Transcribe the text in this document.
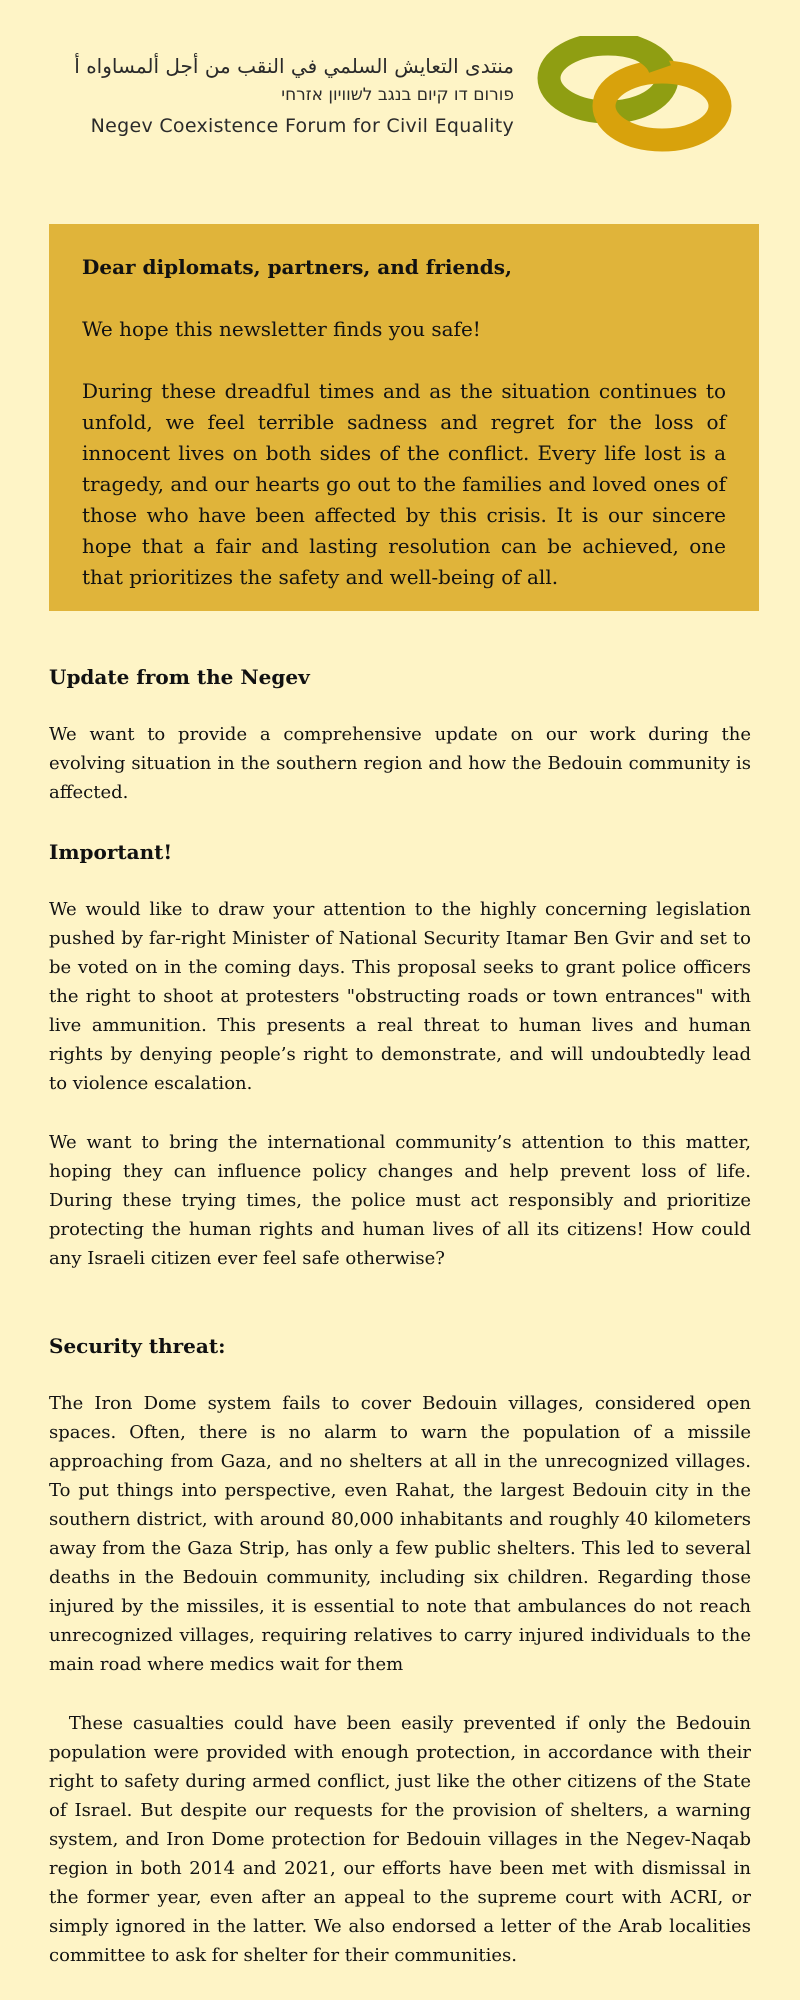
منتدى التعايش السلمي في النقب من أجل ألمساواه أ
פורום דו קיום בנגב לשוויון אזרחי
Negev Coexistence Forum for Civil Equality

Dear diplomats, partners, and friends,

We hope this newsletter finds you safe!

During these dreadful times and as the situation continues to unfold, we feel terrible sadness and regret for the loss of innocent lives on both sides of the conflict. Every life lost is a tragedy, and our hearts go out to the families and loved ones of those who have been affected by this crisis. It is our sincere hope that a fair and lasting resolution can be achieved, one that prioritizes the safety and well-being of all.

Update from the Negev

We want to provide a comprehensive update on our work during the evolving situation in the southern region and how the Bedouin community is affected.

Important!

We would like to draw your attention to the highly concerning legislation pushed by far-right Minister of National Security Itamar Ben Gvir and set to be voted on in the coming days. This proposal seeks to grant police officers the right to shoot at protesters "obstructing roads or town entrances" with live ammunition. This presents a real threat to human lives and human rights by denying people’s right to demonstrate, and will undoubtedly lead to violence escalation.

We want to bring the international community’s attention to this matter, hoping they can influence policy changes and help prevent loss of life. During these trying times, the police must act responsibly and prioritize protecting the human rights and human lives of all its citizens! How could any Israeli citizen ever feel safe otherwise?

Security threat:

The Iron Dome system fails to cover Bedouin villages, considered open spaces. Often, there is no alarm to warn the population of a missile approaching from Gaza, and no shelters at all in the unrecognized villages. To put things into perspective, even Rahat, the largest Bedouin city in the southern district, with around 80,000 inhabitants and roughly 40 kilometers away from the Gaza Strip, has only a few public shelters. This led to several deaths in the Bedouin community, including six children. Regarding those injured by the missiles, it is essential to note that ambulances do not reach unrecognized villages, requiring relatives to carry injured individuals to the main road where medics wait for them

These casualties could have been easily prevented if only the Bedouin population were provided with enough protection, in accordance with their right to safety during armed conflict, just like the other citizens of the State of Israel. But despite our requests for the provision of shelters, a warning system, and Iron Dome protection for Bedouin villages in the Negev-Naqab region in both 2014 and 2021, our efforts have been met with dismissal in the former year, even after an appeal to the supreme court with ACRI, or simply ignored in the latter. We also endorsed a letter of the Arab localities committee to ask for shelter for their communities.
